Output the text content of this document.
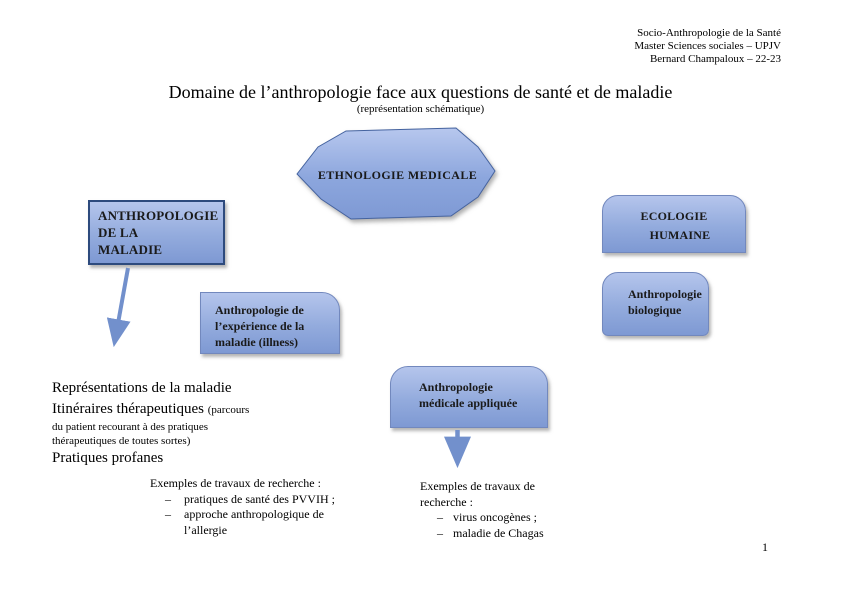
Socio-Anthropologie de la Santé
Master Sciences sociales – UPJV
Bernard Champaloux – 22-23
Domaine de l’anthropologie face aux questions de santé et de maladie
(représentation schématique)
ETHNOLOGIE MEDICALE
ANTHROPOLOGIE
DE LA
MALADIE
ECOLOGIE
HUMAINE
Anthropologie
biologique
Anthropologie de
l’expérience de la
maladie (illness)
Anthropologie
médicale appliquée
Représentations de la maladie
Itinéraires thérapeutiques (parcours
du patient recourant à des pratiques
thérapeutiques de toutes sortes)
Pratiques profanes
Exemples de travaux de recherche :
–	pratiques de santé des PVVIH ;
–	approche anthropologique de l’allergie
Exemples de travaux de recherche :
– virus oncogènes ;
– maladie de Chagas
1
